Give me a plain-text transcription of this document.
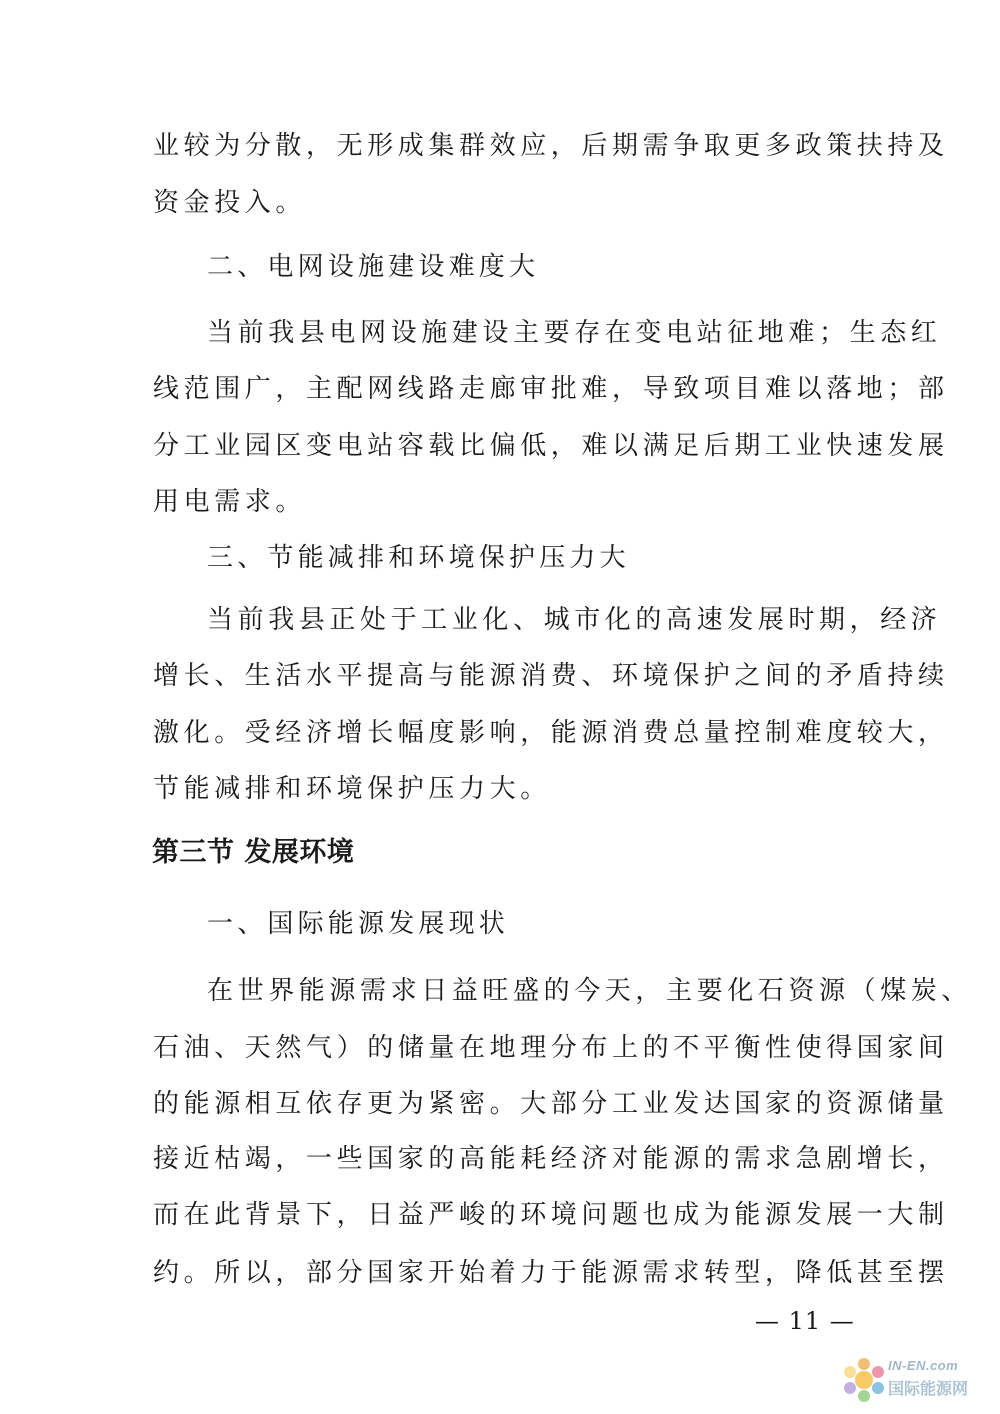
业较为分散，无形成集群效应，后期需争取更多政策扶持及
资金投入。
二、电网设施建设难度大
当前我县电网设施建设主要存在变电站征地难；生态红
线范围广，主配网线路走廊审批难，导致项目难以落地；部
分工业园区变电站容载比偏低，难以满足后期工业快速发展
用电需求。
三、节能减排和环境保护压力大
当前我县正处于工业化、城市化的高速发展时期，经济
增长、生活水平提高与能源消费、环境保护之间的矛盾持续
激化。受经济增长幅度影响，能源消费总量控制难度较大，
节能减排和环境保护压力大。
第三节 发展环境
一、国际能源发展现状
在世界能源需求日益旺盛的今天，主要化石资源（煤炭、
石油、天然气）的储量在地理分布上的不平衡性使得国家间
的能源相互依存更为紧密。大部分工业发达国家的资源储量
接近枯竭，一些国家的高能耗经济对能源的需求急剧增长，
而在此背景下，日益严峻的环境问题也成为能源发展一大制
约。所以，部分国家开始着力于能源需求转型，降低甚至摆
— 11 —
IN-EN.com
国际能源网
